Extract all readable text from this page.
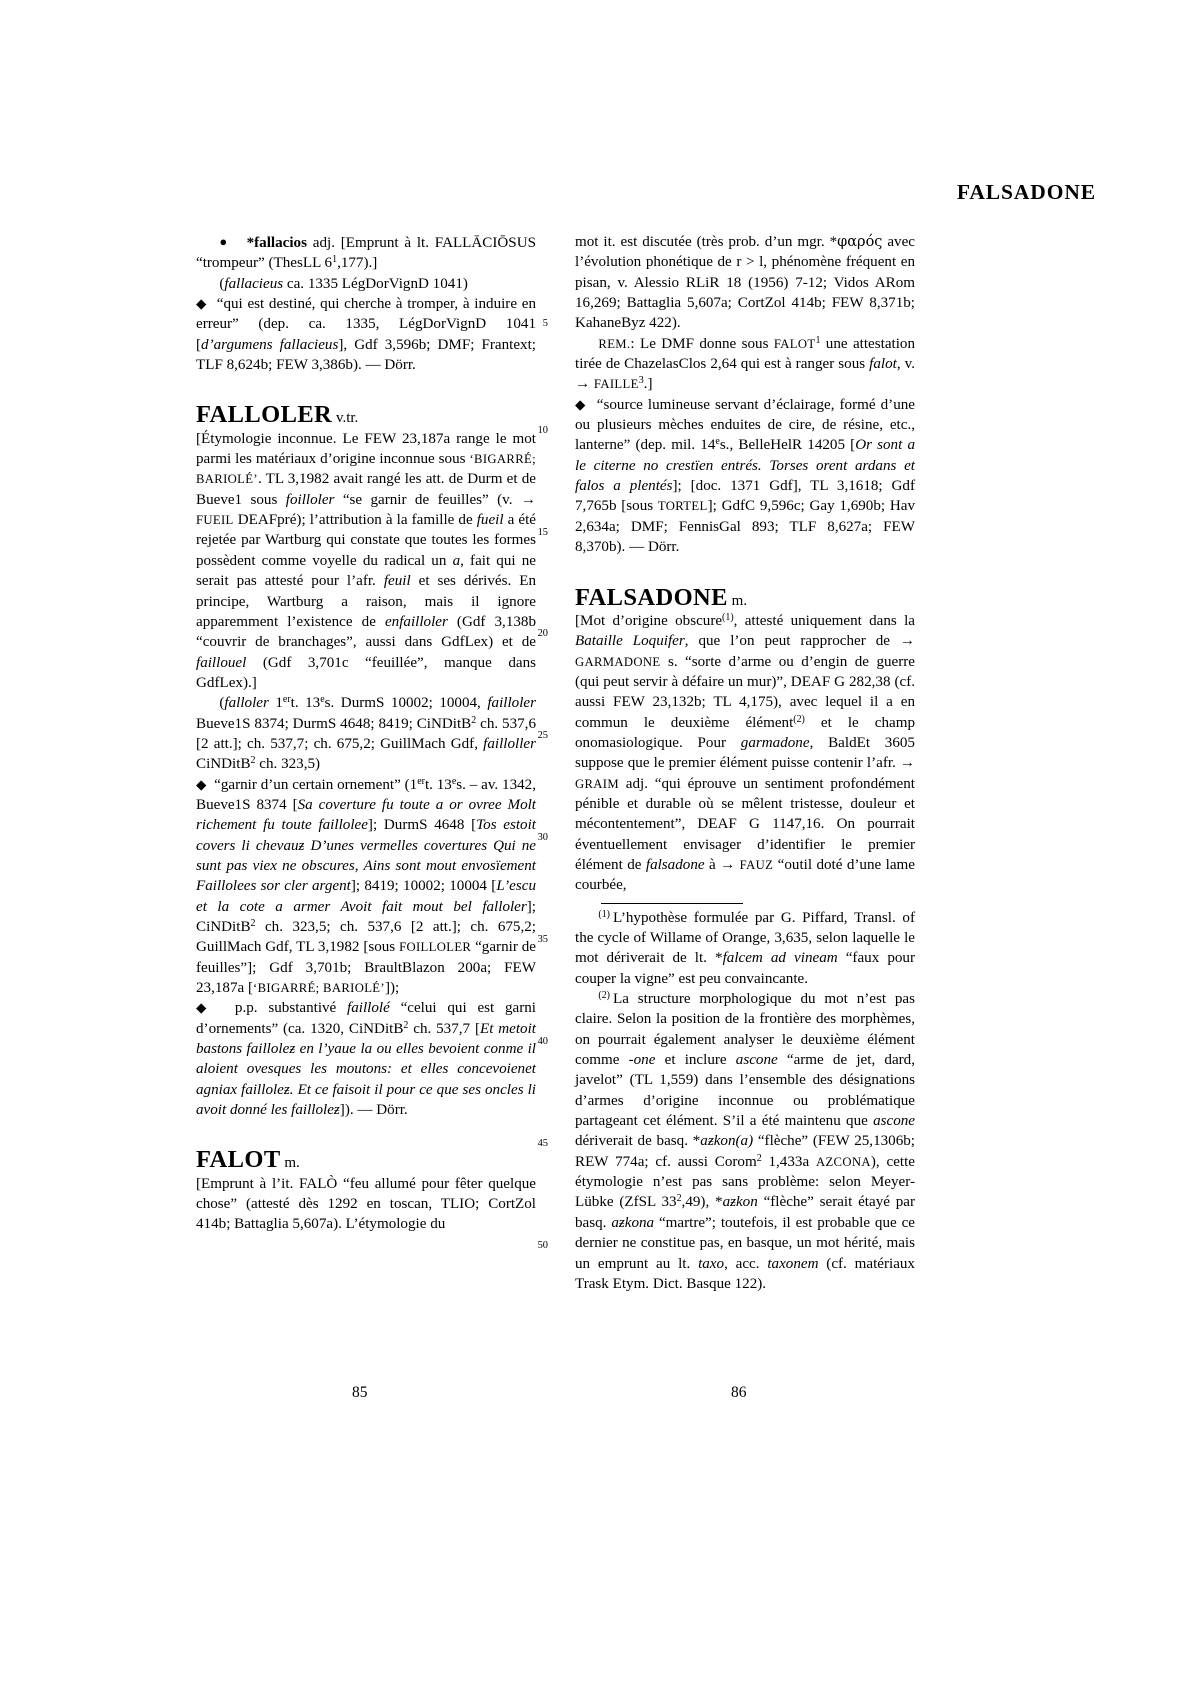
FALSADONE
5
10
15
20
25
30
35
40
45
50

● *fallacios adj. [Emprunt à lt. FALLĀCIŌSUS “trompeur” (ThesLL $6^1,177$).]

(fallacieus ca. 1335 LégDorVignD 1041)

◆  “qui est destiné, qui cherche à tromper, à induire en erreur” (dep. ca. 1335, LégDorVignD 1041 [d’argumens fallacieus], Gdf 3,596b; DMF; Frantext; TLF 8,624b; FEW 3,386b). — Dörr.

FALLOLER v.tr.

[Étymologie inconnue. Le FEW 23,187a range le mot parmi les matériaux d’origine inconnue sous ‘BIGARRÉ; BARIOLÉ’. TL 3,1982 avait rangé les att. de Durm et de Bueve1 sous foilloler “se garnir de feuilles” (v. → FUEIL DEAFpré); l’attribution à la famille de fueil a été rejetée par Wartburg qui constate que toutes les formes possèdent comme voyelle du radical un a, fait qui ne serait pas attesté pour l’afr. feuil et ses dérivés. En principe, Wartburg a raison, mais il ignore apparemment l’existence de enfailloler (Gdf 3,138b “couvrir de branchages”, aussi dans GdfLex) et de faillouel (Gdf 3,701c “feuillée”, manque dans GdfLex).]

(falloler 1ert. 13es. DurmS 10002; 10004, failloler Bueve1S 8374; DurmS 4648; 8419; CiNDitB$^2$ ch. 537,6 [2 att.]; ch. 537,7; ch. 675,2; GuillMach Gdf, failloller CiNDitB$^2$ ch. 323,5)

◆  “garnir d’un certain ornement” (1ert. 13es. – av. 1342, Bueve1S 8374 [Sa coverture fu toute a or ovree Molt richement fu toute faillolee]; DurmS 4648 [Tos estoit covers li chevauƶ D’unes vermelles covertures Qui ne sunt pas viex ne obscures, Ains sont mout envosïement Faillolees sor cler argent]; 8419; 10002; 10004 [L’escu et la cote a armer Avoit fait mout bel falloler]; CiNDitB$^2$ ch. 323,5; ch. 537,6 [2 att.]; ch. 675,2; GuillMach Gdf, TL 3,1982 [sous FOILLOLER “garnir de feuilles”]; Gdf 3,701b; BraultBlazon 200a; FEW 23,187a [‘BIGARRÉ; BARIOLÉ’]);

◆  p.p. substantivé faillolé “celui qui est garni d’ornements” (ca. 1320, CiNDitB$^2$ ch. 537,7 [Et metoit bastons failloleƶ en l’yaue la ou elles bevoient conme il aloient ovesques les moutons: et elles concevoienet agniax failloleƶ. Et ce faisoit il pour ce que ses oncles li avoit donné les failloleƶ]). — Dörr.

FALOT m.

[Emprunt à l’it. FALÒ “feu allumé pour fêter quelque chose” (attesté dès 1292 en toscan, TLIO; CortZol 414b; Battaglia 5,607a). L’étymologie du

mot it. est discutée (très prob. d’un mgr. *φαρóς avec l’évolution phonétique de r > l, phénomène fréquent en pisan, v. Alessio RLiR 18 (1956) 7-12; Vidos ARom 16,269; Battaglia 5,607a; CortZol 414b; FEW 8,371b; KahaneByz 422).

REM.: Le DMF donne sous FALOT$^1$ une attestation tirée de ChazelasClos 2,64 qui est à ranger sous falot, v. → $FAILLE^3$.]

◆  “source lumineuse servant d’éclairage, formé d’une ou plusieurs mèches enduites de cire, de résine, etc., lanterne” (dep. mil. 14es., BelleHelR 14205 [Or sont a le citerne no crestïen entrés. Torses orent ardans et falos a plentés]; [doc. 1371 Gdf], TL 3,1618; Gdf 7,765b [sous TORTEL]; GdfC 9,596c; Gay 1,690b; Hav 2,634a; DMF; FennisGal 893; TLF 8,627a; FEW 8,370b). — Dörr.

FALSADONE m.

[Mot d’origine obscure$^{(1)}$, attesté uniquement dans la Bataille Loquifer, que l’on peut rapprocher de → GARMADONE s. “sorte d’arme ou d’engin de guerre (qui peut servir à défaire un mur)”, DEAF G 282,38 (cf. aussi FEW 23,132b; TL 4,175), avec lequel il a en commun le deuxième élément$^{(2)}$ et le champ onomasiologique. Pour garmadone, BaldEt 3605 suppose que le premier élément puisse contenir l’afr. → GRAIM adj. “qui éprouve un sentiment profondément pénible et durable où se mêlent tristesse, douleur et mécontentement”, DEAF G 1147,16. On pourrait éventuellement envisager d’identifier le premier élément de falsadone à → FAUZ “outil doté d’une lame courbée,

$^{(1)}$ L’hypothèse formulée par G. Piffard, Transl. of the cycle of Willame of Orange, 3,635, selon laquelle le mot dériverait de lt. *falcem ad vineam “faux pour couper la vigne” est peu convaincante.

$^{(2)}$ La structure morphologique du mot n’est pas claire. Selon la position de la frontière des morphèmes, on pourrait également analyser le deuxième élément comme -one et inclure ascone “arme de jet, dard, javelot” (TL 1,559) dans l’ensemble des désignations d’armes d’origine inconnue ou problématique partageant cet élément. S’il a été maintenu que ascone dériverait de basq. *aƶkon(a) “flèche” (FEW 25,1306b; REW 774a; cf. aussi Corom$^2$ 1,433a AZCONA), cette étymologie n’est pas sans problème: selon Meyer-Lübke (ZfSL $33^2,49$), *aƶkon “flèche” serait étayé par basq. aƶkona “martre”; toutefois, il est probable que ce dernier ne constitue pas, en basque, un mot hérité, mais un emprunt au lt. taxo, acc. taxonem (cf. matériaux Trask Etym. Dict. Basque 122).

85	86
